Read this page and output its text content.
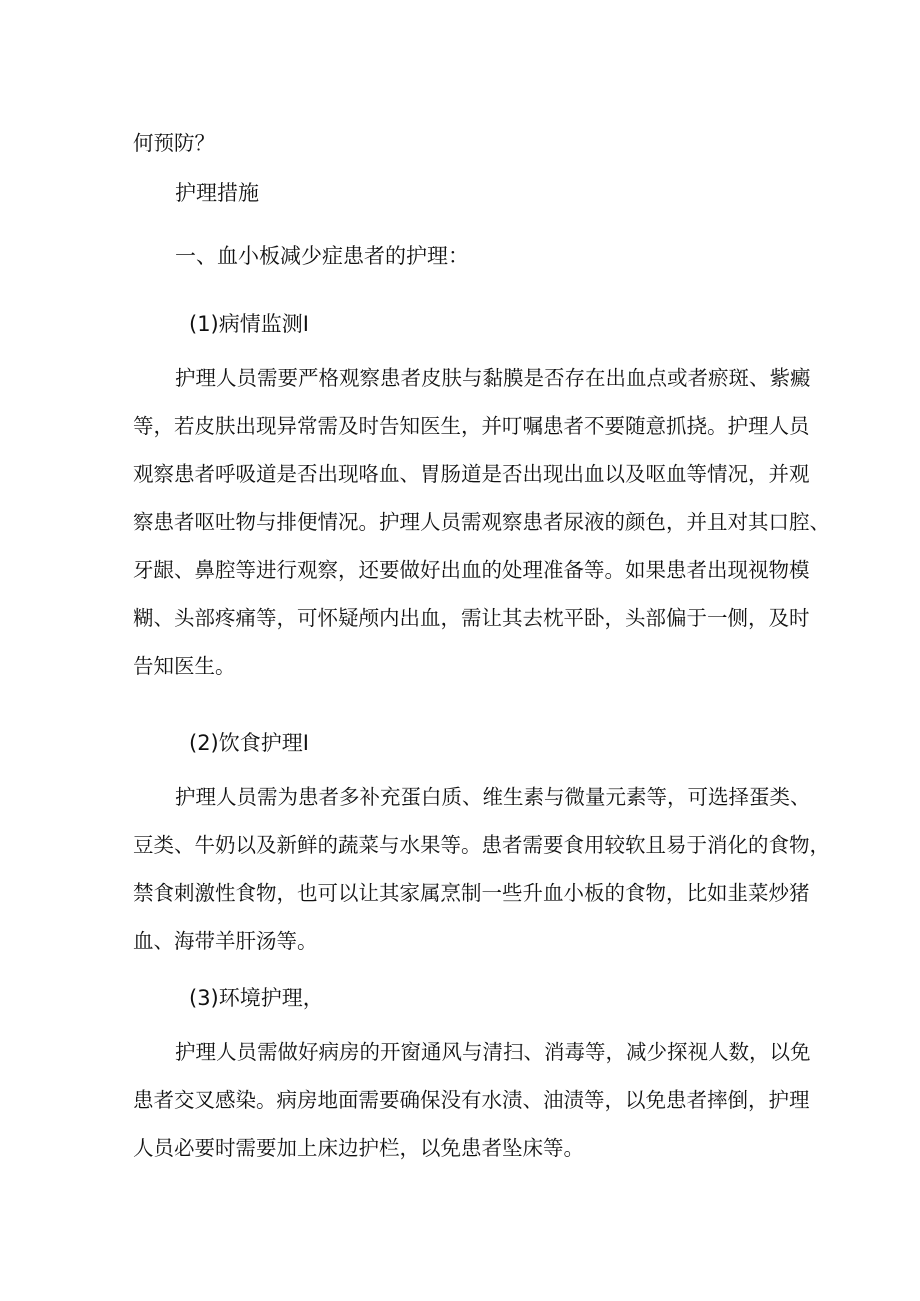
何预防？

护理措施

一、血小板减少症患者的护理：

(1)病情监测I

护理人员需要严格观察患者皮肤与黏膜是否存在出血点或者瘀斑、紫癜

等，若皮肤出现异常需及时告知医生，并叮嘱患者不要随意抓挠。护理人员

观察患者呼吸道是否出现咯血、胃肠道是否出现出血以及呕血等情况，并观

察患者呕吐物与排便情况。护理人员需观察患者尿液的颜色，并且对其口腔、

牙龈、鼻腔等进行观察，还要做好出血的处理准备等。如果患者出现视物模

糊、头部疼痛等，可怀疑颅内出血，需让其去枕平卧，头部偏于一侧，及时

告知医生。

(2)饮食护理I

护理人员需为患者多补充蛋白质、维生素与微量元素等，可选择蛋类、

豆类、牛奶以及新鲜的蔬菜与水果等。患者需要食用较软且易于消化的食物，

禁食刺激性食物，也可以让其家属烹制一些升血小板的食物，比如韭菜炒猪

血、海带羊肝汤等。

(3)环境护理，

护理人员需做好病房的开窗通风与清扫、消毒等，减少探视人数，以免

患者交叉感染。病房地面需要确保没有水渍、油渍等，以免患者摔倒，护理

人员必要时需要加上床边护栏，以免患者坠床等。
